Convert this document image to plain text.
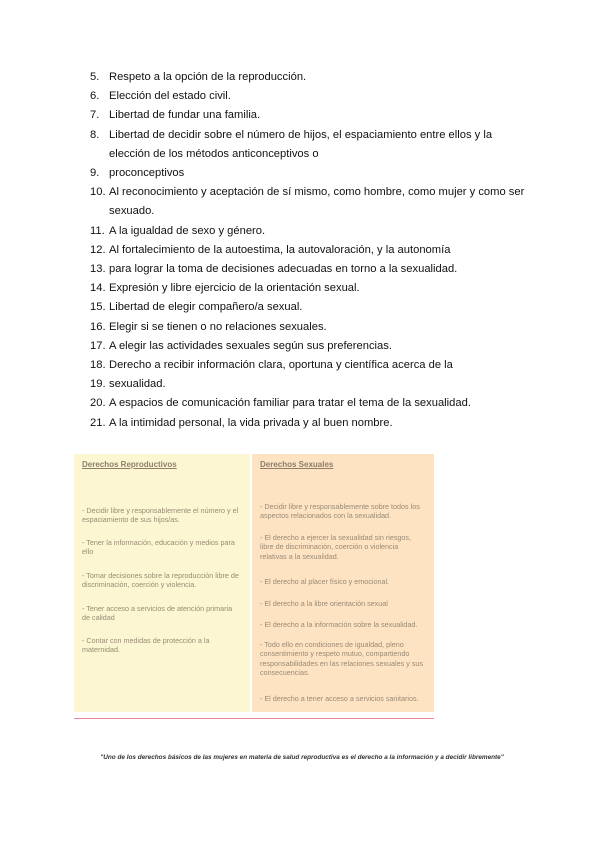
5. Respeto a la opción de la reproducción.
6. Elección del estado civil.
7. Libertad de fundar una familia.
8. Libertad de decidir sobre el número de hijos, el espaciamiento entre ellos y la elección de los métodos anticonceptivos o
9. proconceptivos
10. Al reconocimiento y aceptación de sí mismo, como hombre, como mujer y como ser sexuado.
11. A la igualdad de sexo y género.
12. Al fortalecimiento de la autoestima, la autovaloración, y la autonomía
13. para lograr la toma de decisiones adecuadas en torno a la sexualidad.
14. Expresión y libre ejercicio de la orientación sexual.
15. Libertad de elegir compañero/a sexual.
16. Elegir si se tienen o no relaciones sexuales.
17. A elegir las actividades sexuales según sus preferencias.
18. Derecho a recibir información clara, oportuna y científica acerca de la
19. sexualidad.
20. A espacios de comunicación familiar para tratar el tema de la sexualidad.
21. A la intimidad personal, la vida privada y al buen nombre.
Derechos Reproductivos
- Decidir libre y responsablemente el número y el espaciamiento de sus hijos/as.
- Tener la información, educación y medios para ello
- Tomar decisiones sobre la reproducción libre de discriminación, coerción y violencia.
- Tener acceso a servicios de atención primaria de calidad
- Contar con medidas de protección a la maternidad.
Derechos Sexuales
- Decidir libre y responsablemente sobre todos los aspectos relacionados con la sexualidad.
- El derecho a ejercer la sexualidad sin riesgos, libre de discriminación, coerción o violencia relativas a la sexualidad.
- El derecho al placer físico y emocional.
- El derecho a la libre orientación sexual
- El derecho a la información sobre la sexualidad.
- Todo ello en condiciones de igualdad, pleno consentimiento y respeto mutuo, compartiendo responsabilidades en las relaciones sexuales y sus consecuencias.
- El derecho a tener acceso a servicios sanitarios.
"Uno de los derechos básicos de las mujeres en materia de salud reproductiva es el derecho a la información y a decidir libremente"
